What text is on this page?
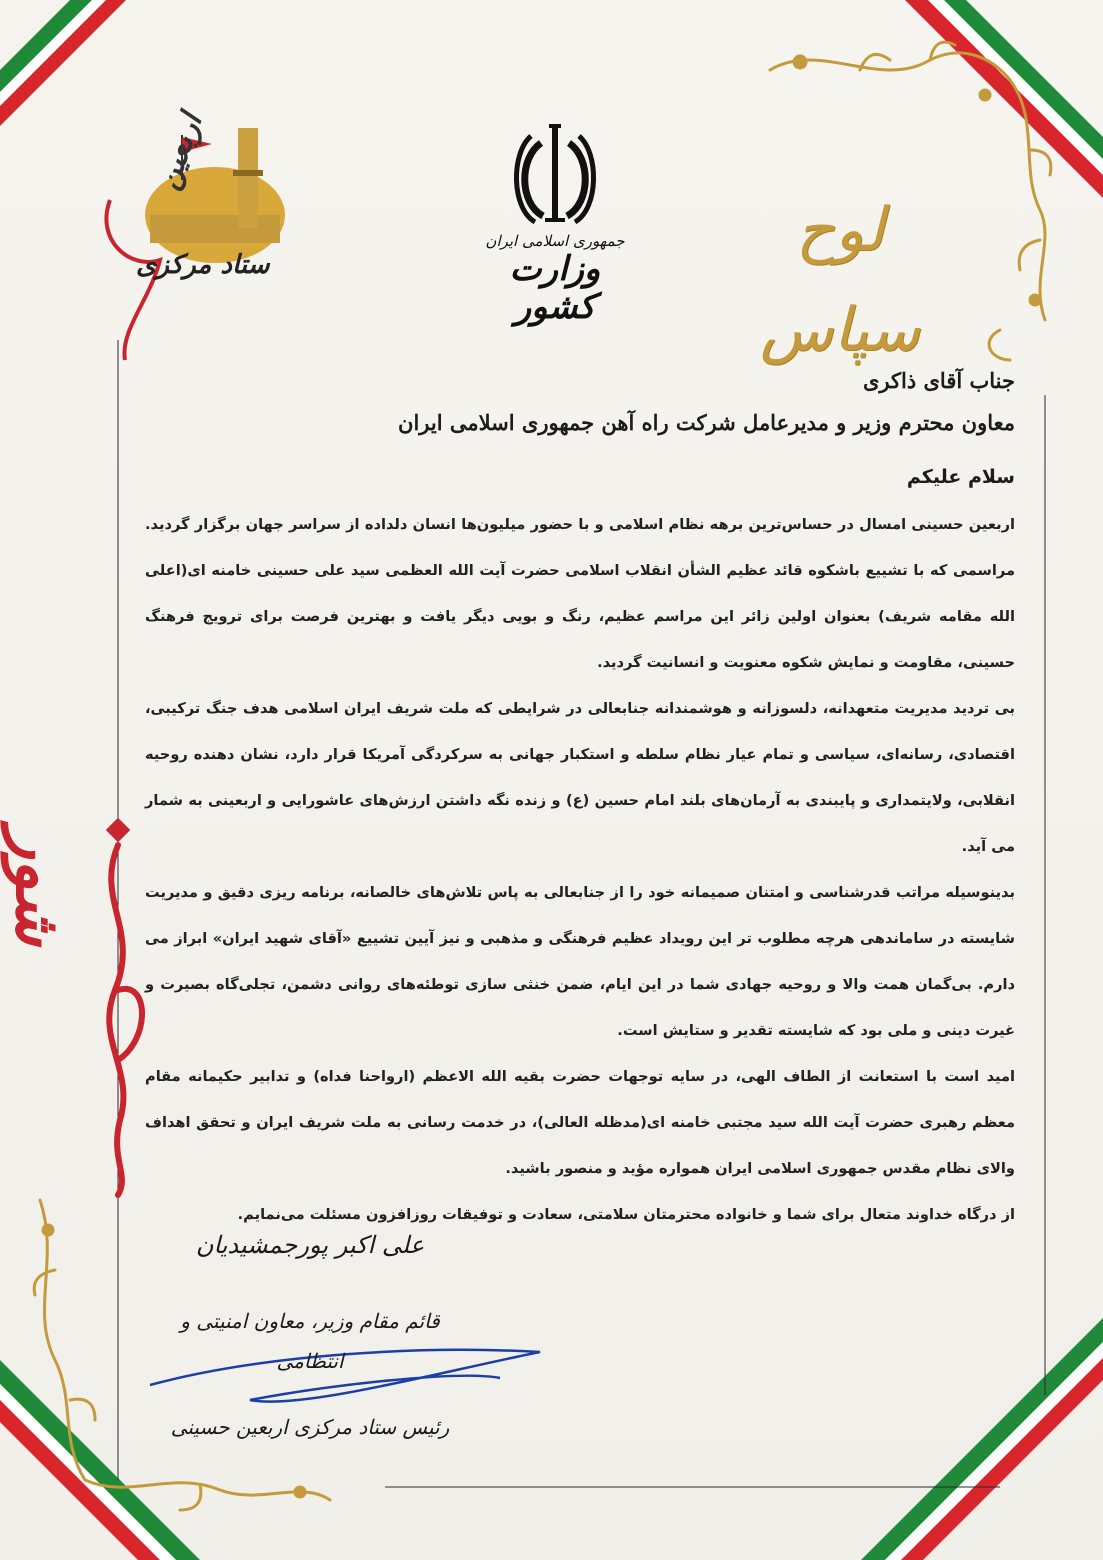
جمهوری اسلامی ایران
وزارت کشور
لوح سپاس
اربعین
ستاد مرکزی
شور
جناب آقای ذاکری
معاون محترم وزیر و مدیرعامل شرکت راه آهن جمهوری اسلامی ایران
سلام علیکم
اربعین حسینی امسال در حساس‌ترین برهه نظام اسلامی و با حضور میلیون‌ها انسان دلداده از سراسر جهان برگزار گردید. مراسمی که با تشییع باشکوه قائد عظیم الشأن انقلاب اسلامی حضرت آیت الله العظمی سید علی حسینی خامنه ای(اعلی الله مقامه شریف) بعنوان اولین زائر این مراسم عظیم، رنگ و بویی دیگر یافت و بهترین فرصت برای ترویج فرهنگ حسینی، مقاومت و نمایش شکوه معنویت و انسانیت گردید.
بی تردید مدیریت متعهدانه، دلسوزانه و هوشمندانه جنابعالی در شرایطی که ملت شریف ایران اسلامی هدف جنگ ترکیبی، اقتصادی، رسانه‌ای، سیاسی و تمام عیار نظام سلطه و استکبار جهانی به سرکردگی آمریکا قرار دارد، نشان دهنده روحیه انقلابی، ولایتمداری و پایبندی به آرمان‌های بلند امام حسین (ع) و زنده نگه داشتن ارزش‌های عاشورایی و اربعینی به شمار می آید.
بدینوسیله مراتب قدرشناسی و امتنان صمیمانه خود را از جنابعالی به پاس تلاش‌های خالصانه، برنامه ریزی دقیق و مدیریت شایسته در ساماندهی هرچه مطلوب تر این رویداد عظیم فرهنگی و مذهبی و نیز آیین تشییع «آقای شهید ایران» ابراز می دارم. بی‌گمان همت والا و روحیه جهادی شما در این ایام، ضمن خنثی سازی توطئه‌های روانی دشمن، تجلی‌گاه بصیرت و غیرت دینی و ملی بود که شایسته تقدیر و ستایش است.
امید است با استعانت از الطاف الهی، در سایه توجهات حضرت بقیه الله الاعظم (ارواحنا فداه) و تدابیر حکیمانه مقام معظم رهبری حضرت آیت الله سید مجتبی خامنه ای(مدظله العالی)، در خدمت رسانی به ملت شریف ایران و تحقق اهداف والای نظام مقدس جمهوری اسلامی ایران همواره مؤید و منصور باشید.
از درگاه خداوند متعال برای شما و خانواده محترمتان سلامتی، سعادت و توفیقات روزافزون مسئلت می‌نمایم.
علی اکبر پورجمشیدیان
قائم مقام وزیر، معاون امنیتی و انتظامی
رئیس ستاد مرکزی اربعین حسینی
